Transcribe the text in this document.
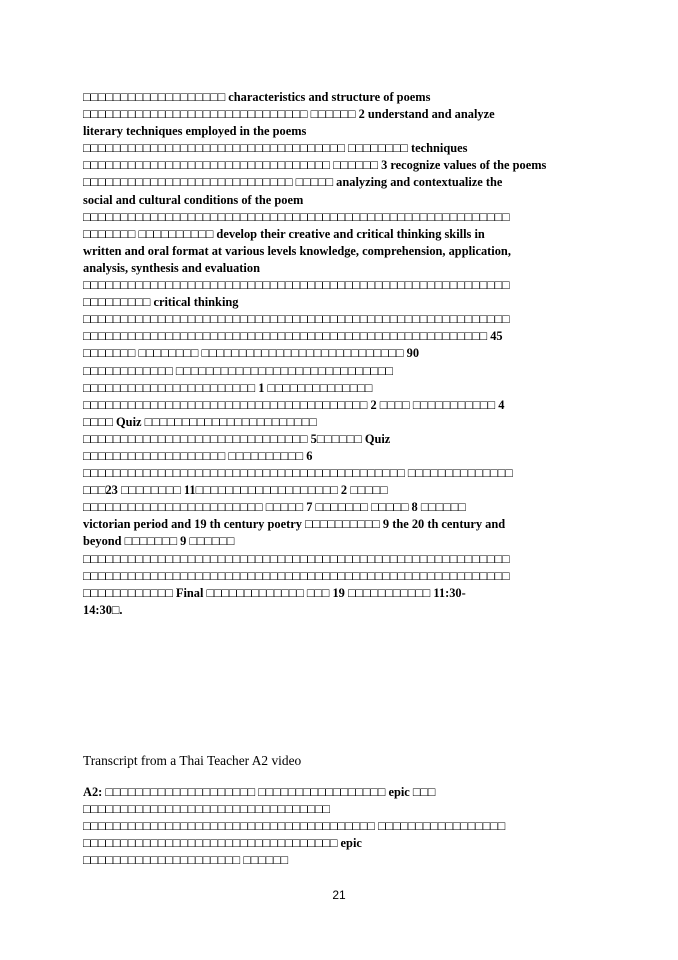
□□□□□□□□□□□□□□□□□□□ characteristics and structure of poems
□□□□□□□□□□□□□□□□□□□□□□□□□□□□□□ □□□□□□ 2 understand and analyze
literary techniques employed in the poems
□□□□□□□□□□□□□□□□□□□□□□□□□□□□□□□□□□□ □□□□□□□□ techniques
□□□□□□□□□□□□□□□□□□□□□□□□□□□□□□□□□ □□□□□□ 3 recognize values of the poems
□□□□□□□□□□□□□□□□□□□□□□□□□□□□ □□□□□ analyzing and contextualize the
social and cultural conditions of the poem
□□□□□□□□□□□□□□□□□□□□□□□□□□□□□□□□□□□□□□□□□□□□□□□□□□□□□□□□□
□□□□□□□ □□□□□□□□□□ develop their creative and critical thinking skills in
written and oral format at various levels knowledge, comprehension, application,
analysis, synthesis and evaluation
□□□□□□□□□□□□□□□□□□□□□□□□□□□□□□□□□□□□□□□□□□□□□□□□□□□□□□□□□
□□□□□□□□□ critical thinking
□□□□□□□□□□□□□□□□□□□□□□□□□□□□□□□□□□□□□□□□□□□□□□□□□□□□□□□□□
□□□□□□□□□□□□□□□□□□□□□□□□□□□□□□□□□□□□□□□□□□□□□□□□□□□□□□ 45
□□□□□□□ □□□□□□□□ □□□□□□□□□□□□□□□□□□□□□□□□□□□ 90
□□□□□□□□□□□□ □□□□□□□□□□□□□□□□□□□□□□□□□□□□□
□□□□□□□□□□□□□□□□□□□□□□□ 1 □□□□□□□□□□□□□□
□□□□□□□□□□□□□□□□□□□□□□□□□□□□□□□□□□□□□□ 2 □□□□ □□□□□□□□□□□ 4
□□□□ Quiz □□□□□□□□□□□□□□□□□□□□□□□
□□□□□□□□□□□□□□□□□□□□□□□□□□□□□□ 5□□□□□□ Quiz
□□□□□□□□□□□□□□□□□□□ □□□□□□□□□□ 6
□□□□□□□□□□□□□□□□□□□□□□□□□□□□□□□□□□□□□□□□□□□ □□□□□□□□□□□□□□
□□□23 □□□□□□□□ 11□□□□□□□□□□□□□□□□□□□ 2 □□□□□
□□□□□□□□□□□□□□□□□□□□□□□□ □□□□□ 7 □□□□□□□ □□□□□ 8 □□□□□□
victorian period and 19 th century poetry □□□□□□□□□□ 9 the 20 th century and
beyond □□□□□□□ 9 □□□□□□
□□□□□□□□□□□□□□□□□□□□□□□□□□□□□□□□□□□□□□□□□□□□□□□□□□□□□□□□□
□□□□□□□□□□□□□□□□□□□□□□□□□□□□□□□□□□□□□□□□□□□□□□□□□□□□□□□□□
□□□□□□□□□□□□ Final □□□□□□□□□□□□□ □□□ 19 □□□□□□□□□□□ 11:30-
14:30□.
Transcript from a Thai Teacher A2 video
A2: □□□□□□□□□□□□□□□□□□□□ □□□□□□□□□□□□□□□□□ epic □□□
□□□□□□□□□□□□□□□□□□□□□□□□□□□□□□□□□
□□□□□□□□□□□□□□□□□□□□□□□□□□□□□□□□□□□□□□□ □□□□□□□□□□□□□□□□□
□□□□□□□□□□□□□□□□□□□□□□□□□□□□□□□□□□ epic
□□□□□□□□□□□□□□□□□□□□□ □□□□□□
21
